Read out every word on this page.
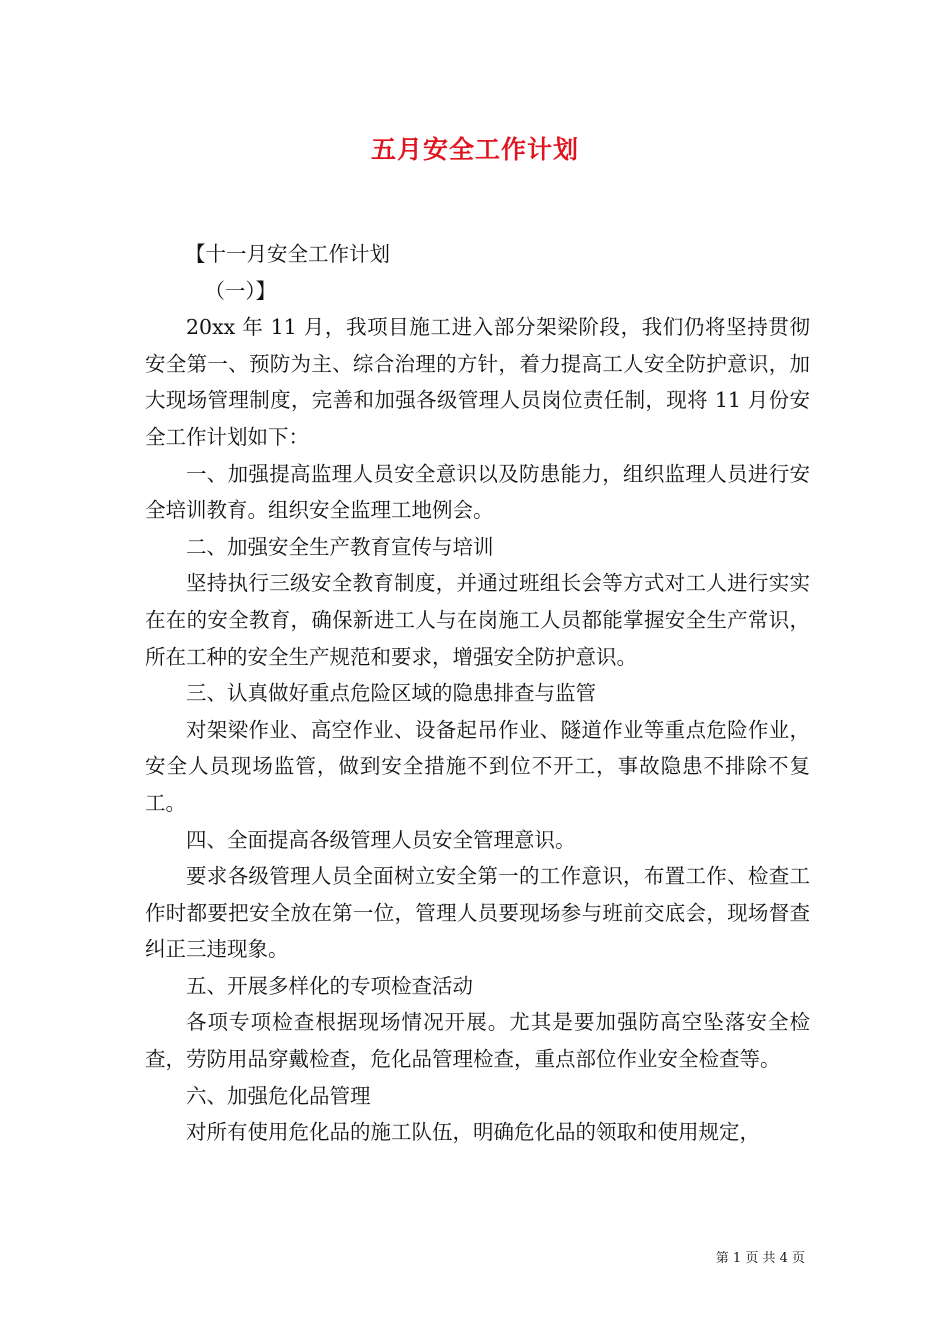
五月安全工作计划

【十一月安全工作计划

（一）】

20xx 年 11 月，我项目施工进入部分架梁阶段，我们仍将坚持贯彻安全第一、预防为主、综合治理的方针，着力提高工人安全防护意识，加大现场管理制度，完善和加强各级管理人员岗位责任制，现将 11 月份安全工作计划如下：

一、加强提高监理人员安全意识以及防患能力，组织监理人员进行安全培训教育。组织安全监理工地例会。

二、加强安全生产教育宣传与培训

坚持执行三级安全教育制度，并通过班组长会等方式对工人进行实实在在的安全教育，确保新进工人与在岗施工人员都能掌握安全生产常识，所在工种的安全生产规范和要求，增强安全防护意识。

三、认真做好重点危险区域的隐患排查与监管

对架梁作业、高空作业、设备起吊作业、隧道作业等重点危险作业，安全人员现场监管，做到安全措施不到位不开工，事故隐患不排除不复工。

四、全面提高各级管理人员安全管理意识。

要求各级管理人员全面树立安全第一的工作意识，布置工作、检查工作时都要把安全放在第一位，管理人员要现场参与班前交底会，现场督查纠正三违现象。

五、开展多样化的专项检查活动

各项专项检查根据现场情况开展。尤其是要加强防高空坠落安全检查，劳防用品穿戴检查，危化品管理检查，重点部位作业安全检查等。

六、加强危化品管理

对所有使用危化品的施工队伍，明确危化品的领取和使用规定，

第 1 页 共 4 页
